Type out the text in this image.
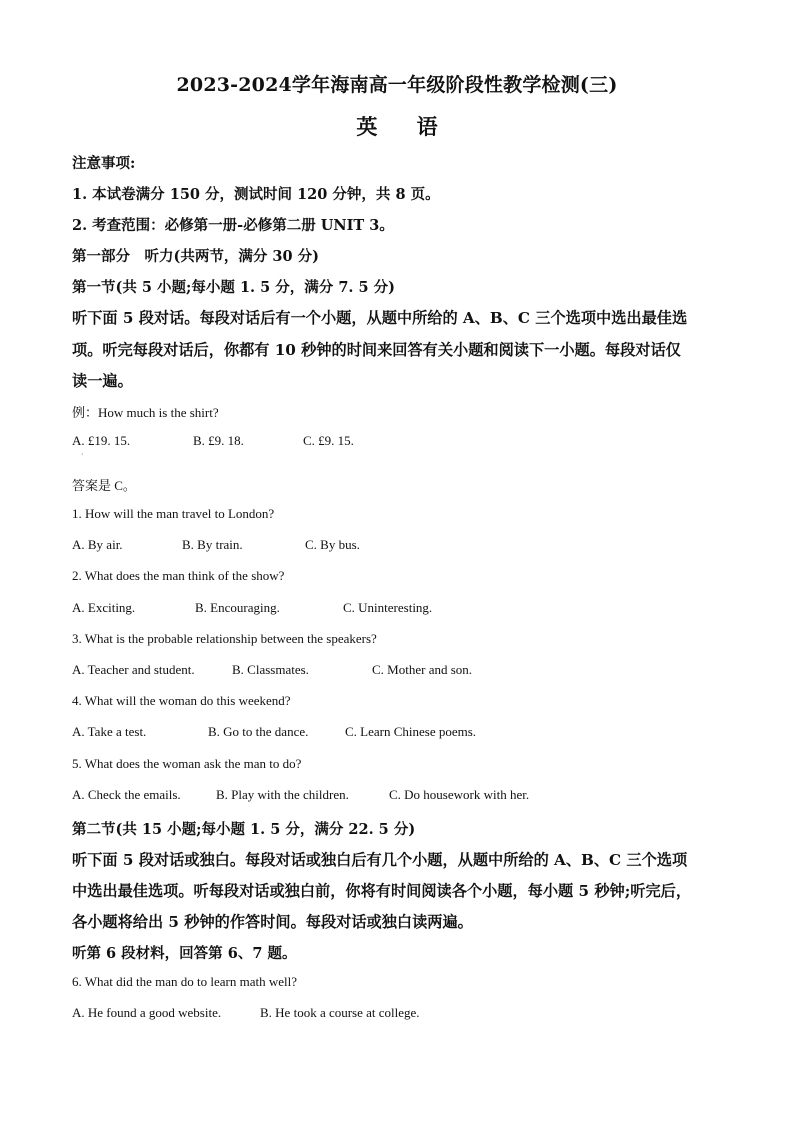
2023-2024学年海南高一年级阶段性教学检测(三)
英 语
注意事项:
1. 本试卷满分 150 分，测试时间 120 分钟，共 8 页。
2. 考查范围：必修第一册-必修第二册 UNIT 3。
第一部分　听力(共两节，满分 30 分)
第一节(共 5 小题;每小题 1. 5 分，满分 7. 5 分)
听下面 5 段对话。每段对话后有一个小题，从题中所给的 A、B、C 三个选项中选出最佳选
项。听完每段对话后，你都有 10 秒钟的时间来回答有关小题和阅读下一小题。每段对话仅
读一遍。
例：How much is the shirt?
A. £19. 15.	B. £9. 18.	C. £9. 15.
·
答案是 C。
1. How will the man travel to London?
A. By air.	B. By train.	C. By bus.
2. What does the man think of the show?
A. Exciting.	B. Encouraging.	C. Uninteresting.
3. What is the probable relationship between the speakers?
A. Teacher and student.	B. Classmates.	C. Mother and son.
4. What will the woman do this weekend?
A. Take a test.	B. Go to the dance.	C. Learn Chinese poems.
5. What does the woman ask the man to do?
A. Check the emails.	B. Play with the children.	C. Do housework with her.
第二节(共 15 小题;每小题 1. 5 分，满分 22. 5 分)
听下面 5 段对话或独白。每段对话或独白后有几个小题，从题中所给的 A、B、C 三个选项
中选出最佳选项。听每段对话或独白前，你将有时间阅读各个小题，每小题 5 秒钟;听完后，
各小题将给出 5 秒钟的作答时间。每段对话或独白读两遍。
听第 6 段材料，回答第 6、7 题。
6. What did the man do to learn math well?
A. He found a good website.	B. He took a course at college.
